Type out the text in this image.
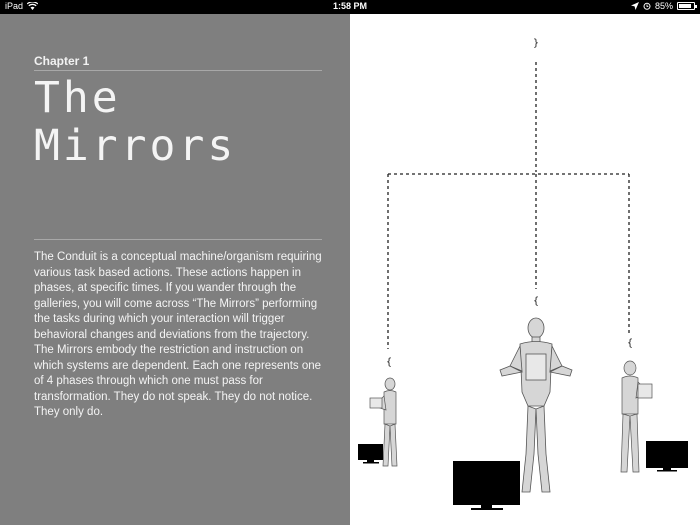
iPad	1:58 PM	85%
Chapter 1
The
Mirrors
The Conduit is a conceptual machine/organism requiring various task based actions. These actions happen in phases, at specific times. If you wander through the galleries, you will come across “The Mirrors” performing the tasks during which your interaction will trigger behavioral changes and deviations from the trajectory. The Mirrors embody the restriction and instruction on which systems are dependent. Each one represents one of 4 phases through which one must pass for transformation. They do not speak. They do not notice. They only do.
}
{
{
{
